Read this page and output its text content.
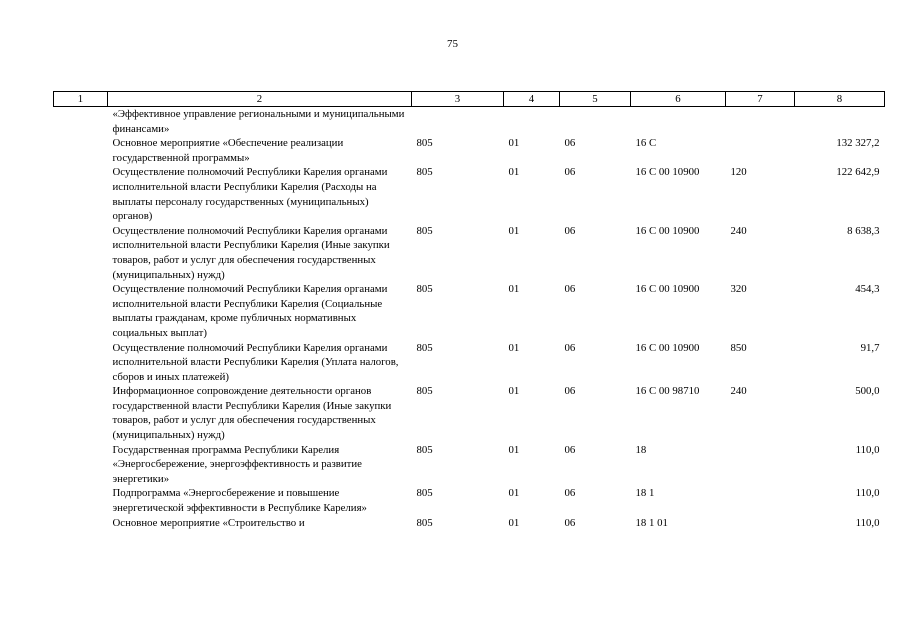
75
1	2	3	4	5	6	7	8
	«Эффективное управление региональными и муниципальными финансами»						
	Основное мероприятие «Обеспечение реализации государственной программы»	805	01	06	16 С		132 327,2
	Осуществление полномочий Республики Карелия органами исполнительной власти Республики Карелия (Расходы на выплаты персоналу государственных (муниципальных) органов)	805	01	06	16 С 00 10900	120	122 642,9
	Осуществление полномочий Республики Карелия органами исполнительной власти Республики Карелия (Иные закупки товаров, работ и услуг для обеспечения государственных (муниципальных) нужд)	805	01	06	16 С 00 10900	240	8 638,3
	Осуществление полномочий Республики Карелия органами исполнительной власти Республики Карелия (Социальные выплаты гражданам, кроме публичных нормативных социальных выплат)	805	01	06	16 С 00 10900	320	454,3
	Осуществление полномочий Республики Карелия органами исполнительной власти Республики Карелия (Уплата налогов, сборов и иных платежей)	805	01	06	16 С 00 10900	850	91,7
	Информационное сопровождение деятельности органов государственной власти Республики Карелия (Иные закупки товаров, работ и услуг для обеспечения государственных (муниципальных) нужд)	805	01	06	16 С 00 98710	240	500,0
	Государственная программа Республики Карелия «Энергосбережение, энергоэффективность и развитие энергетики»	805	01	06	18		110,0
	Подпрограмма «Энергосбережение и повышение энергетической эффективности в Республике Карелия»	805	01	06	18 1		110,0
	Основное мероприятие «Строительство и	805	01	06	18 1 01		110,0
